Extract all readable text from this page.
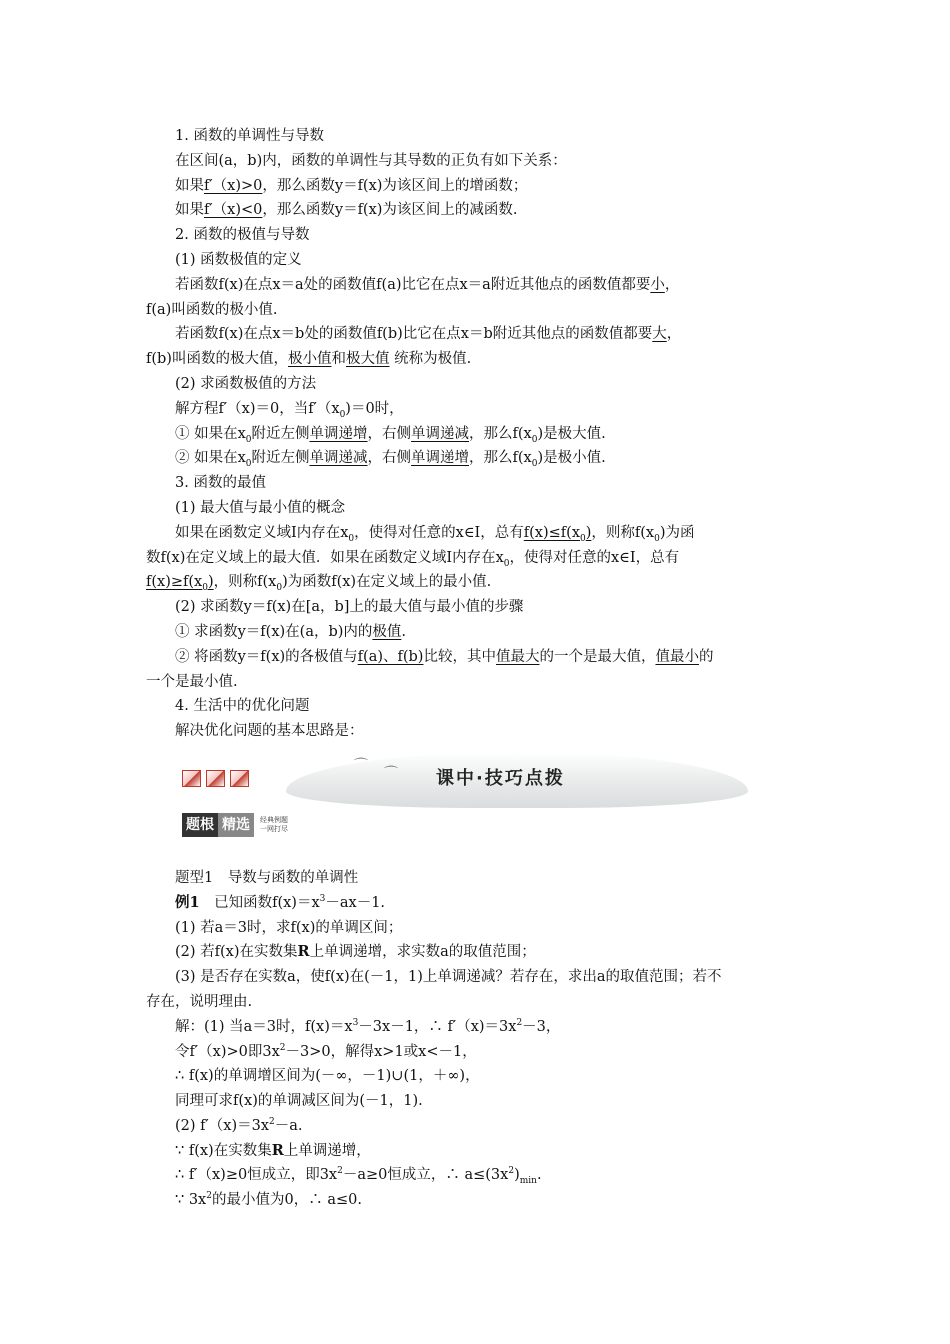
1. 函数的单调性与导数
在区间(a，b)内，函数的单调性与其导数的正负有如下关系：
如果f′（x)>0，那么函数y＝f(x)为该区间上的增函数；
如果f′（x)<0，那么函数y＝f(x)为该区间上的减函数.
2. 函数的极值与导数
(1) 函数极值的定义
若函数f(x)在点x＝a处的函数值f(a)比它在点x＝a附近其他点的函数值都要小，
f(a)叫函数的极小值.
若函数f(x)在点x＝b处的函数值f(b)比它在点x＝b附近其他点的函数值都要大，
f(b)叫函数的极大值，极小值和极大值 统称为极值.
(2) 求函数极值的方法
解方程f′（x)＝0，当$f'(x_0)=0$时，
① 如果在$x_0$附近左侧单调递增，右侧单调递减，那么$f(x_0)$是极大值.
② 如果在$x_0$附近左侧单调递减，右侧单调递增，那么$f(x_0)$是极小值.
3. 函数的最值
(1) 最大值与最小值的概念
如果在函数定义域I内存在$x_0$，使得对任意的x∈I，总有$f(x)\le f(x_0)$，则称$f(x_0)$为函
数f(x)在定义域上的最大值．如果在函数定义域I内存在$x_0$，使得对任意的x∈I，总有
$f(x)\ge f(x_0)$，则称$f(x_0)$为函数f(x)在定义域上的最小值.
(2) 求函数y＝f(x)在[a，b]上的最大值与最小值的步骤
① 求函数y＝f(x)在(a，b)内的极值.
② 将函数y＝f(x)的各极值与f(a)、f(b)比较，其中值最大的一个是最大值，值最小的
一个是最小值.
4. 生活中的优化问题
解决优化问题的基本思路是：
⌒ ⌒ 课中·技巧点拨
题根 精选	经典例题
一网打尽
题型1　导数与函数的单调性
例1　已知函数$f(x)=x^3-ax-1$.
(1) 若a＝3时，求f(x)的单调区间；
(2) 若f(x)在实数集R上单调递增，求实数a的取值范围；
(3) 是否存在实数a，使f(x)在(－1，1)上单调递减？若存在，求出a的取值范围；若不
存在，说明理由.
解：(1) 当a＝3时，$f(x)=x^3-3x-1$，∴ $f'(x)=3x^2-3$，
令f′（x)>0即$3x^2-3>0$，解得x>1或x<－1，
∴ f(x)的单调增区间为(－∞，－1)∪(1，＋∞)，
同理可求f(x)的单调减区间为(－1，1).
(2) $f'(x)=3x^2-a$.
∵ f(x)在实数集R上单调递增，
∴ f′（x)≥0恒成立，即$3x^2-a\ge 0$恒成立，∴ $a\le(3x^2)_{min}$.
∵ $3x^2$的最小值为0，∴ a≤0.
